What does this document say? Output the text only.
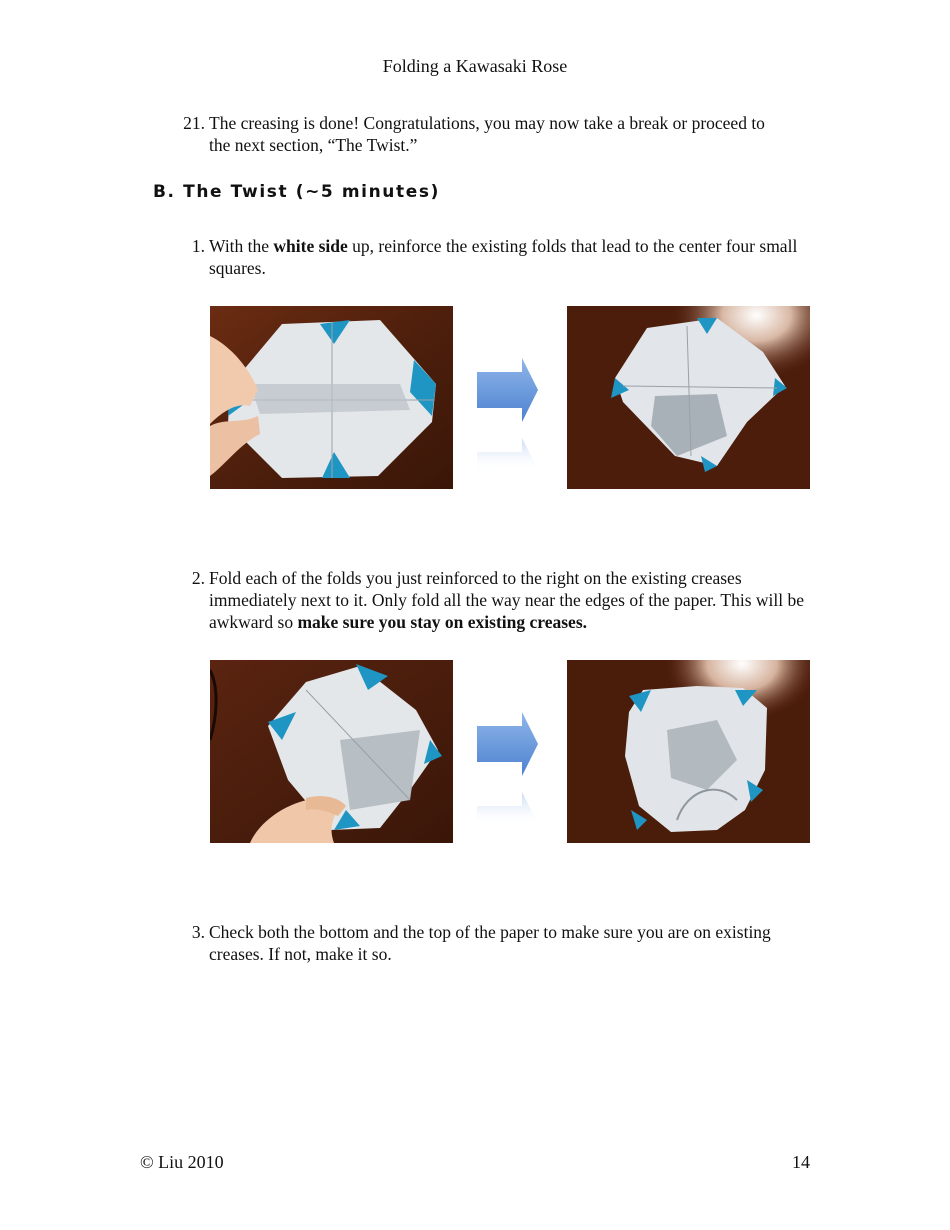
Folding a Kawasaki Rose
21. The creasing is done! Congratulations, you may now take a break or proceed to the next section, “The Twist.”
B. The Twist (~5 minutes)
1. With the white side up, reinforce the existing folds that lead to the center four small squares.
2. Fold each of the folds you just reinforced to the right on the existing creases immediately next to it. Only fold all the way near the edges of the paper. This will be awkward so make sure you stay on existing creases.
3. Check both the bottom and the top of the paper to make sure you are on existing creases. If not, make it so.
© Liu 2010	14
